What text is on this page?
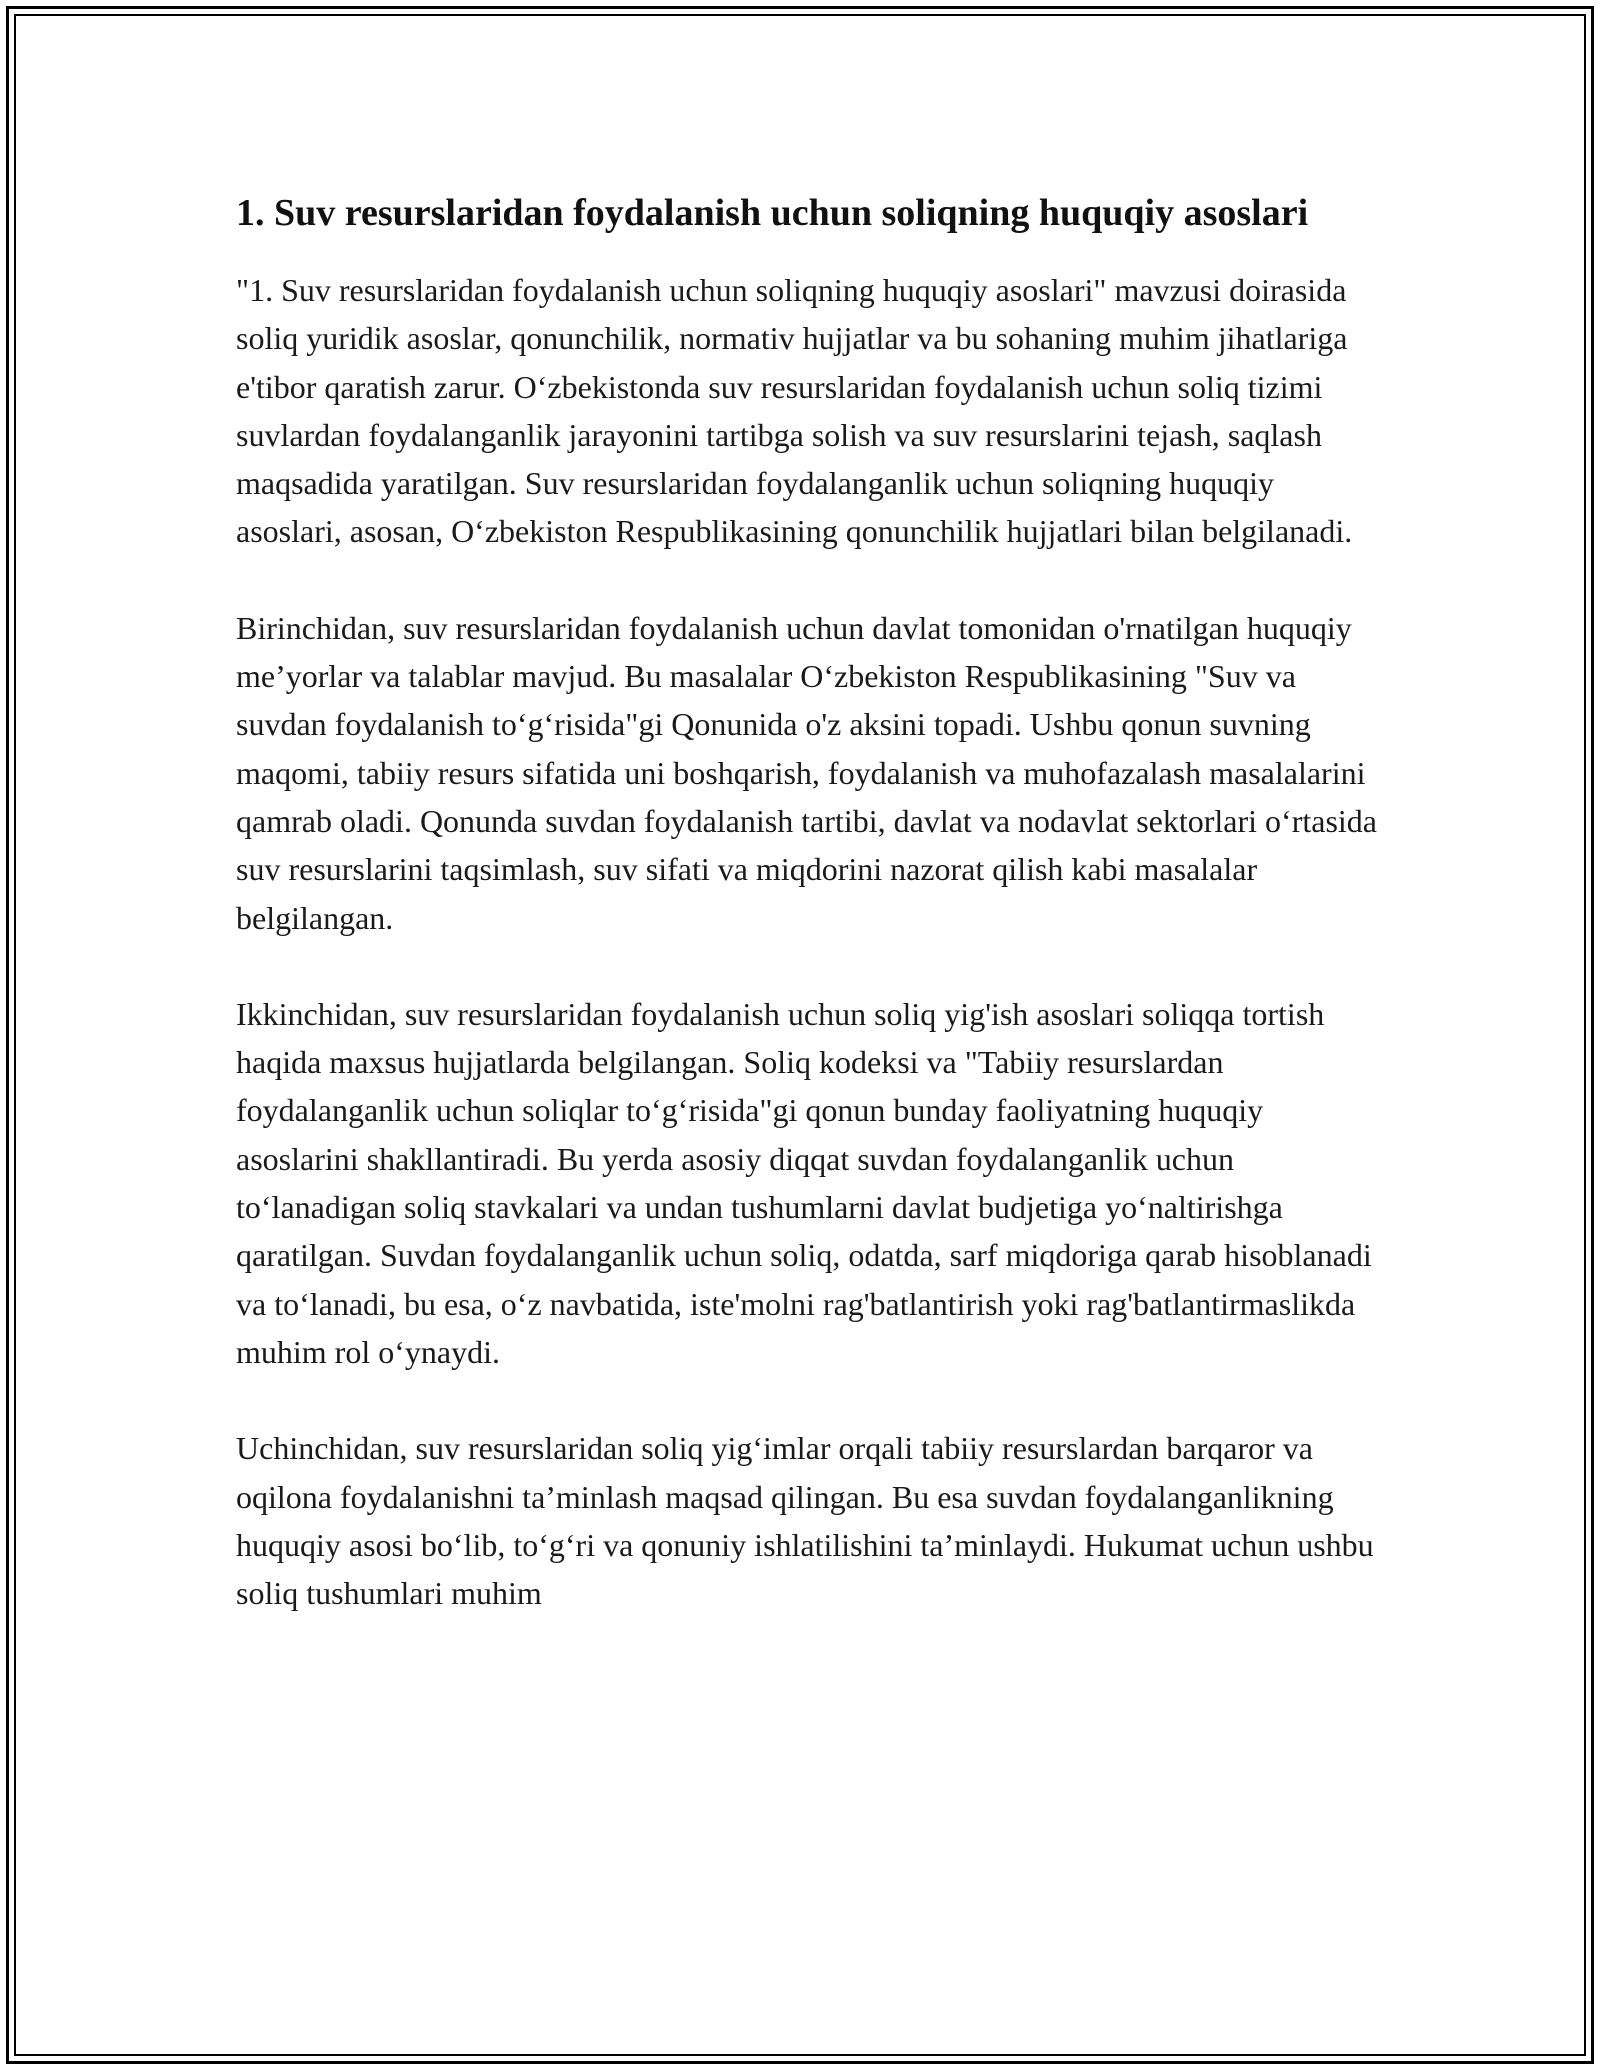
1. Suv resurslaridan foydalanish uchun soliqning huquqiy asoslari

"1. Suv resurslaridan foydalanish uchun soliqning huquqiy asoslari" mavzusi doirasida soliq yuridik asoslar, qonunchilik, normativ hujjatlar va bu sohaning muhim jihatlariga e'tibor qaratish zarur. O‘zbekistonda suv resurslaridan foydalanish uchun soliq tizimi suvlardan foydalanganlik jarayonini tartibga solish va suv resurslarini tejash, saqlash maqsadida yaratilgan. Suv resurslaridan foydalanganlik uchun soliqning huquqiy asoslari, asosan, O‘zbekiston Respublikasining qonunchilik hujjatlari bilan belgilanadi.

Birinchidan, suv resurslaridan foydalanish uchun davlat tomonidan o'rnatilgan huquqiy me’yorlar va talablar mavjud. Bu masalalar O‘zbekiston Respublikasining "Suv va suvdan foydalanish to‘g‘risida"gi Qonunida o'z aksini topadi. Ushbu qonun suvning maqomi, tabiiy resurs sifatida uni boshqarish, foydalanish va muhofazalash masalalarini qamrab oladi. Qonunda suvdan foydalanish tartibi, davlat va nodavlat sektorlari o‘rtasida suv resurslarini taqsimlash, suv sifati va miqdorini nazorat qilish kabi masalalar belgilangan.

Ikkinchidan, suv resurslaridan foydalanish uchun soliq yig'ish asoslari soliqqa tortish haqida maxsus hujjatlarda belgilangan. Soliq kodeksi va "Tabiiy resurslardan foydalanganlik uchun soliqlar to‘g‘risida"gi qonun bunday faoliyatning huquqiy asoslarini shakllantiradi. Bu yerda asosiy diqqat suvdan foydalanganlik uchun to‘lanadigan soliq stavkalari va undan tushumlarni davlat budjetiga yo‘naltirishga qaratilgan. Suvdan foydalanganlik uchun soliq, odatda, sarf miqdoriga qarab hisoblanadi va to‘lanadi, bu esa, o‘z navbatida, iste'molni rag'batlantirish yoki rag'batlantirmaslikda muhim rol o‘ynaydi.

Uchinchidan, suv resurslaridan soliq yig‘imlar orqali tabiiy resurslardan barqaror va oqilona foydalanishni ta’minlash maqsad qilingan. Bu esa suvdan foydalanganlikning huquqiy asosi bo‘lib, to‘g‘ri va qonuniy ishlatilishini ta’minlaydi. Hukumat uchun ushbu soliq tushumlari muhim
